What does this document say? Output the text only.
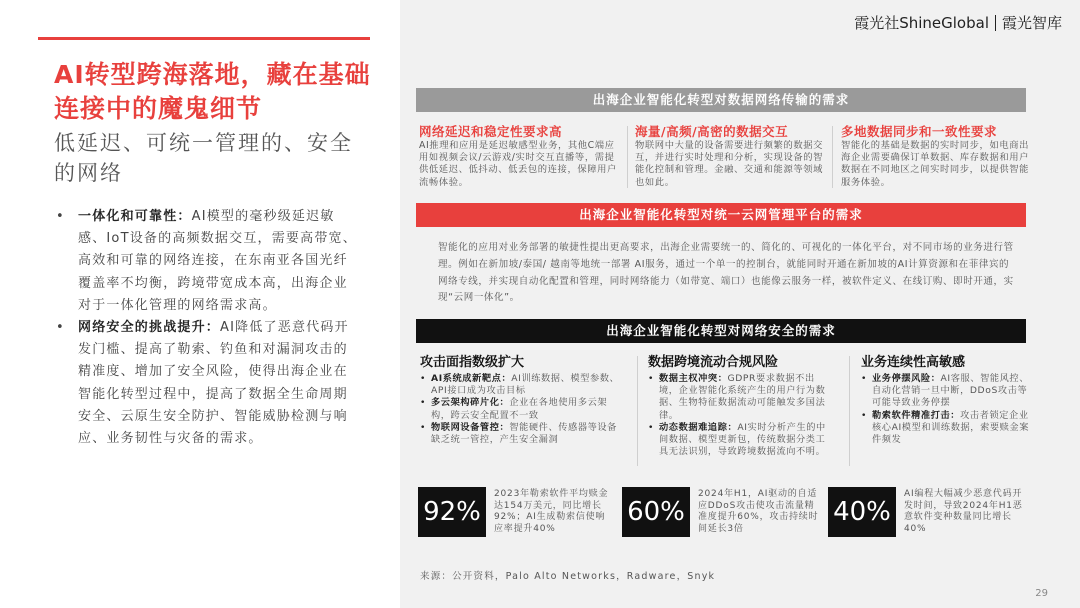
霞光社ShineGlobal 霞光智库
AI转型跨海落地，藏在基础连接中的魔鬼细节
低延迟、可统一管理的、安全的网络
• 一体化和可靠性：AI模型的毫秒级延迟敏感、IoT设备的高频数据交互，需要高带宽、高效和可靠的网络连接，在东南亚各国光纤覆盖率不均衡，跨境带宽成本高，出海企业对于一体化管理的网络需求高。
• 网络安全的挑战提升：AI降低了恶意代码开发门槛、提高了勒索、钓鱼和对漏洞攻击的精准度、增加了安全风险，使得出海企业在智能化转型过程中，提高了数据全生命周期安全、云原生安全防护、智能威胁检测与响应、业务韧性与灾备的需求。
出海企业智能化转型对数据网络传输的需求
网络延迟和稳定性要求高
AI推理和应用是延迟敏感型业务，其他C端应用如视频会议/云游戏/实时交互直播等，需提供低延迟、低抖动、低丢包的连接，保障用户流畅体验。
海量/高频/高密的数据交互
物联网中大量的设备需要进行频繁的数据交互，并进行实时处理和分析，实现设备的智能化控制和管理。金融、交通和能源等领域也如此。
多地数据同步和一致性要求
智能化的基础是数据的实时同步，如电商出海企业需要确保订单数据、库存数据和用户数据在不同地区之间实时同步，以提供智能服务体验。
出海企业智能化转型对统一云网管理平台的需求
智能化的应用对业务部署的敏捷性提出更高要求，出海企业需要统一的、简化的、可视化的一体化平台，对不同市场的业务进行管理。例如在新加坡/泰国/ 越南等地统一部署 AI服务，通过一个单一的控制台，就能同时开通在新加坡的AI计算资源和在菲律宾的网络专线，并实现自动化配置和管理，同时网络能力（如带宽、端口）也能像云服务一样，被软件定义、在线订购、即时开通，实现“云网一体化”。
出海企业智能化转型对网络安全的需求
攻击面指数级扩大
• AI系统成新靶点：AI训练数据、模型参数、API接口成为攻击目标
• 多云架构碎片化：企业在各地使用多云架构，跨云安全配置不一致
• 物联网设备管控：智能硬件、传感器等设备缺乏统一管控，产生安全漏洞
数据跨境流动合规风险
• 数据主权冲突：GDPR要求数据不出境，企业智能化系统产生的用户行为数据、生物特征数据流动可能触发多国法律。
• 动态数据难追踪：AI实时分析产生的中间数据、模型更新包，传统数据分类工具无法识别，导致跨境数据流向不明。
业务连续性高敏感
• 业务停摆风险：AI客服、智能风控、自动化营销一旦中断，DDoS攻击等可能导致业务停摆
• 勒索软件精准打击：攻击者锁定企业核心AI模型和训练数据，索要赎金案件频发
92%
2023年勒索软件平均赎金达154万美元，同比增长92%；AI生成勒索信使响应率提升40%
60%
2024年H1，AI驱动的自适应DDoS攻击使攻击流量精准度提升60%，攻击持续时间延长3倍
40%
AI编程大幅减少恶意代码开发时间，导致2024年H1恶意软件变种数量同比增长40%
来源：公开资料，Palo Alto Networks，Radware，Snyk
29
